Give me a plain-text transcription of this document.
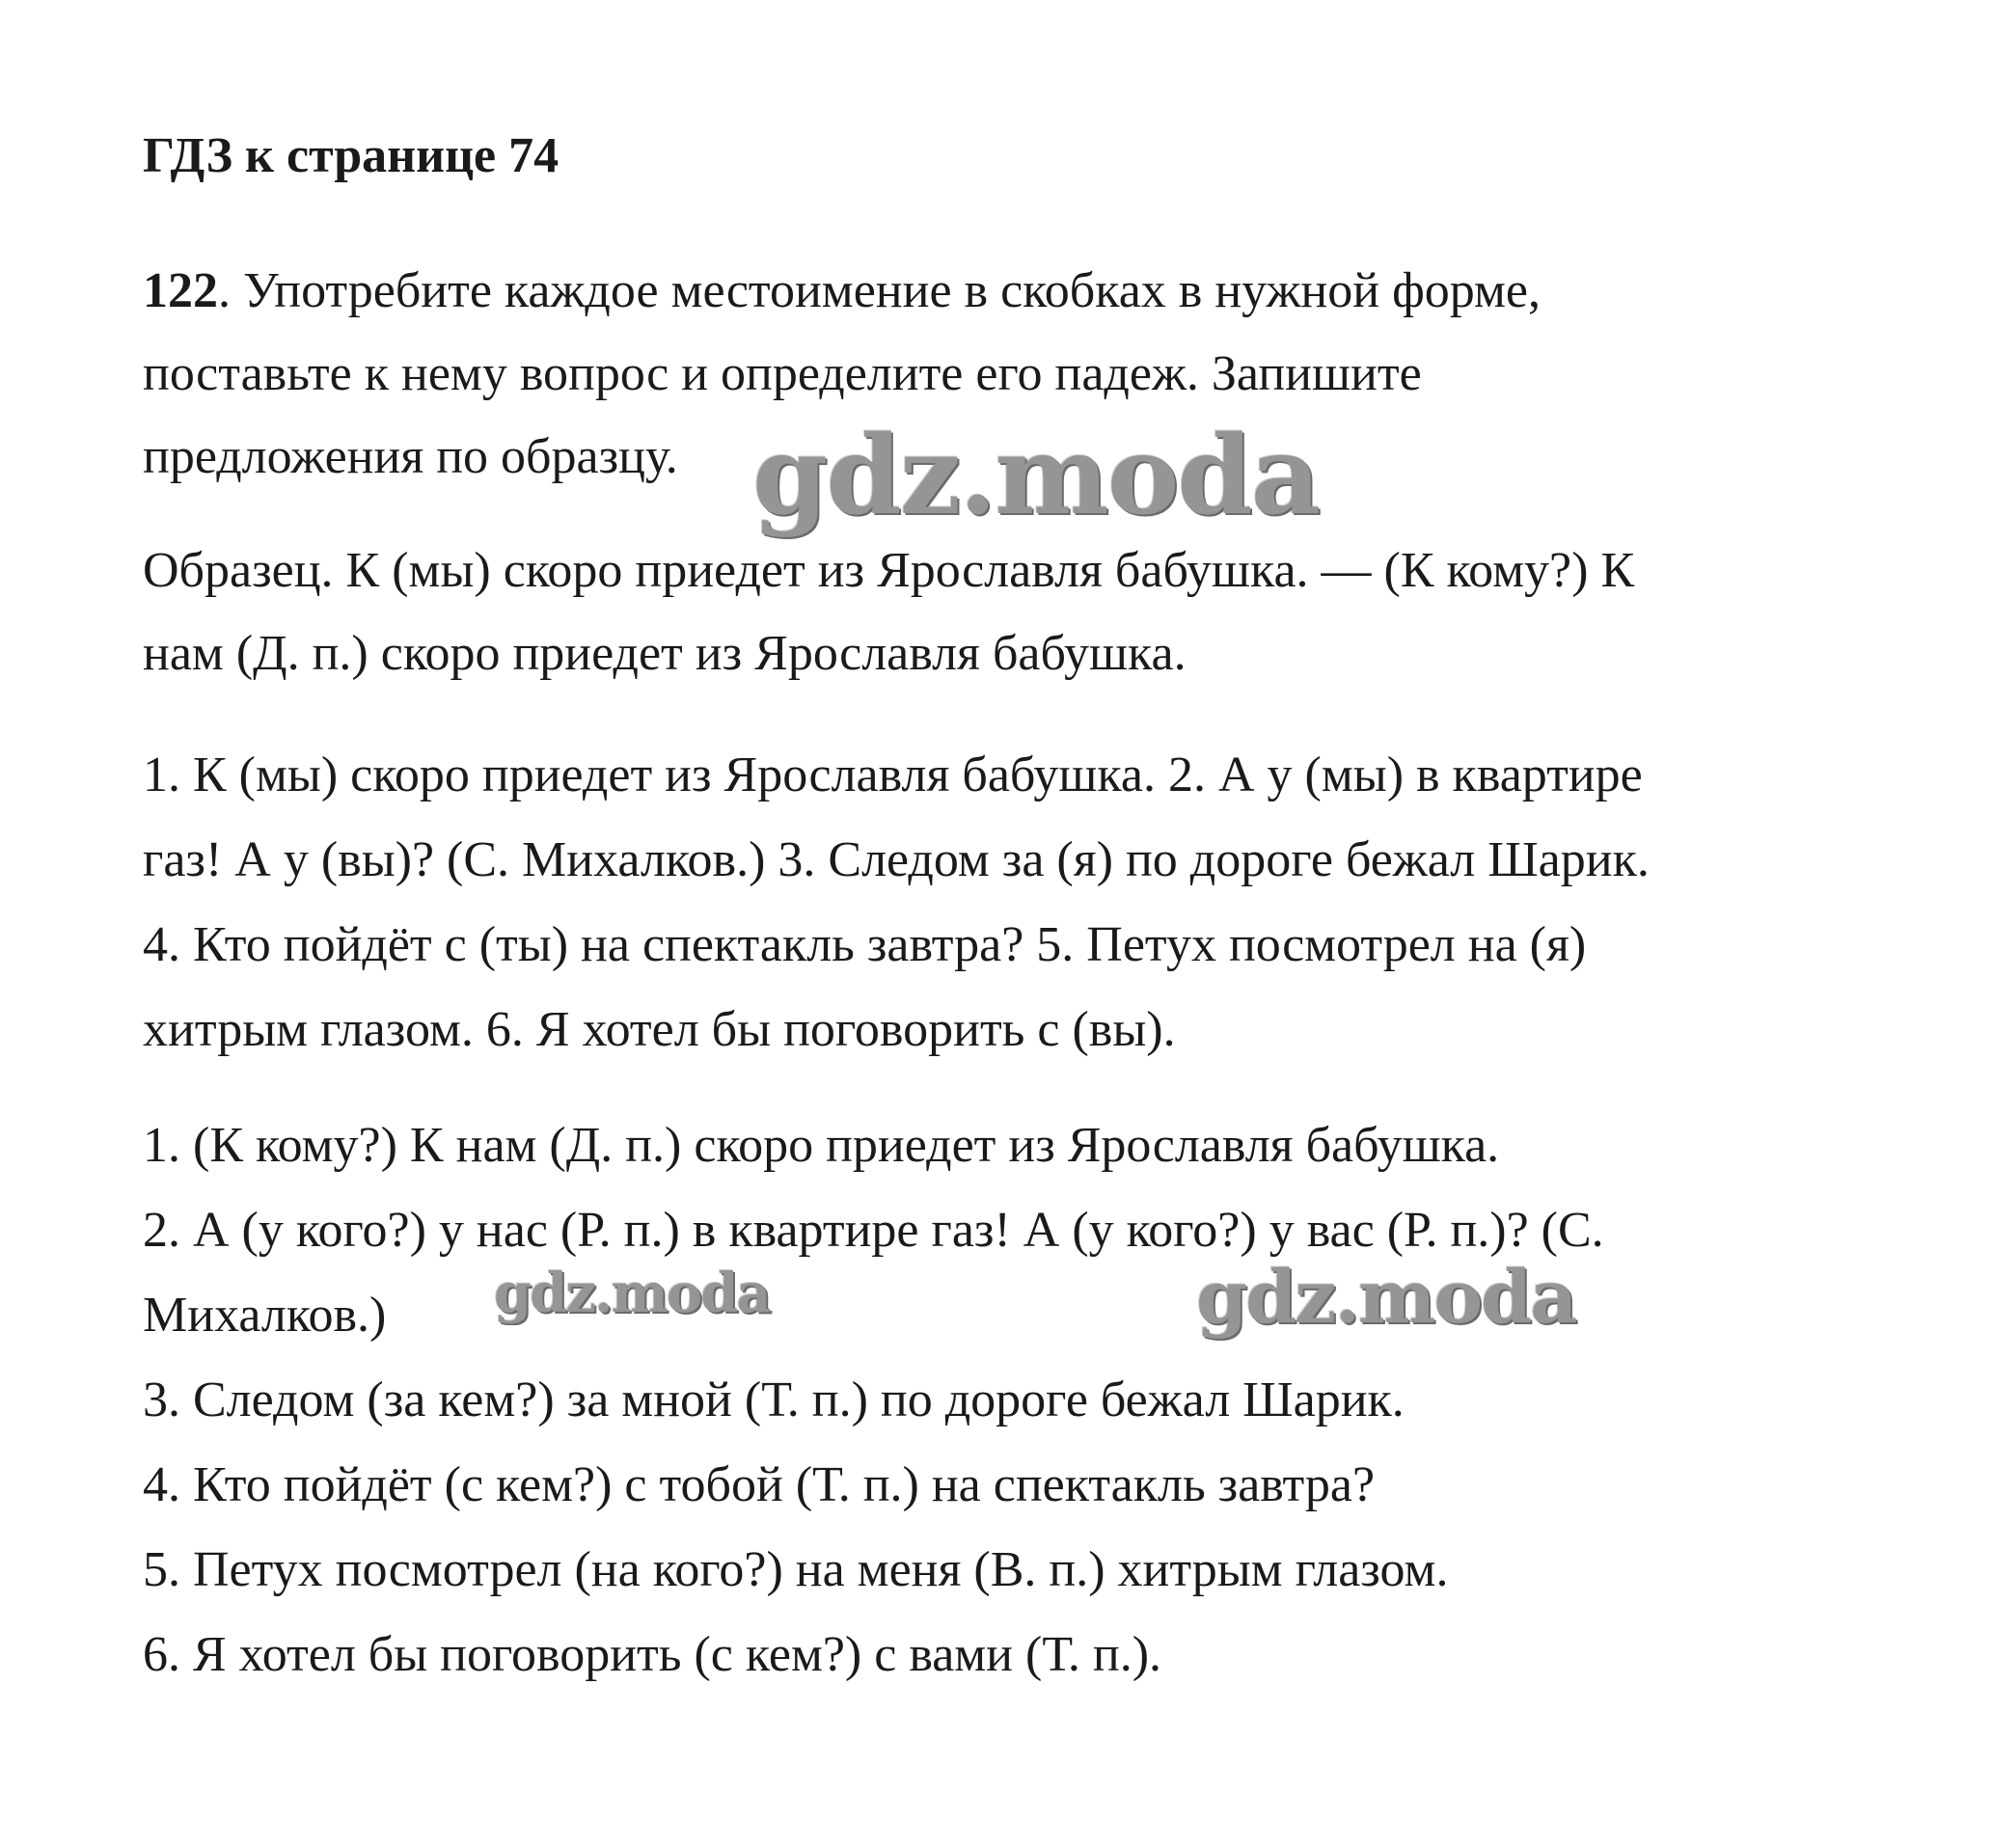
ГДЗ к странице 74
122. Употребите каждое местоимение в скобках в нужной форме,
поставьте к нему вопрос и определите его падеж. Запишите
предложения по образцу.
Образец. К (мы) скоро приедет из Ярославля бабушка. — (К кому?) К
нам (Д. п.) скоро приедет из Ярославля бабушка.
1. К (мы) скоро приедет из Ярославля бабушка. 2. А у (мы) в квартире
газ! А у (вы)? (С. Михалков.) 3. Следом за (я) по дороге бежал Шарик.
4. Кто пойдёт с (ты) на спектакль завтра? 5. Петух посмотрел на (я)
хитрым глазом. 6. Я хотел бы поговорить с (вы).
1. (К кому?) К нам (Д. п.) скоро приедет из Ярославля бабушка.
2. А (у кого?) у нас (Р. п.) в квартире газ! А (у кого?) у вас (Р. п.)? (С.
Михалков.)
3. Следом (за кем?) за мной (Т. п.) по дороге бежал Шарик.
4. Кто пойдёт (с кем?) с тобой (Т. п.) на спектакль завтра?
5. Петух посмотрел (на кого?) на меня (В. п.) хитрым глазом.
6. Я хотел бы поговорить (с кем?) с вами (Т. п.).
gdz.moda
gdz.moda	gdz.moda
